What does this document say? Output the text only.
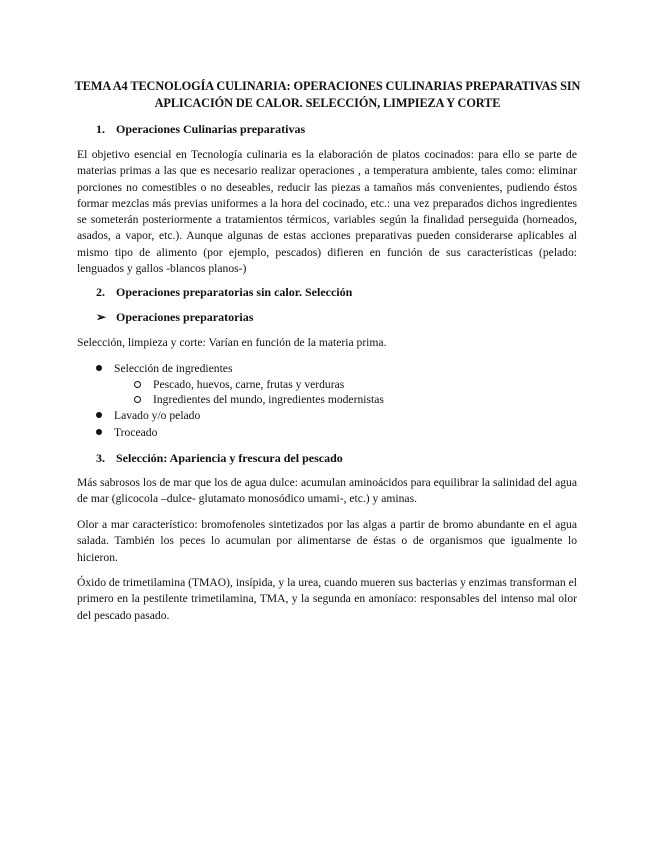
TEMA A4 TECNOLOGÍA CULINARIA: OPERACIONES CULINARIAS PREPARATIVAS SIN APLICACIÓN DE CALOR. SELECCIÓN, LIMPIEZA Y CORTE
1. Operaciones Culinarias preparativas
El objetivo esencial en Tecnología culinaria es la elaboración de platos cocinados: para ello se parte de materias primas a las que es necesario realizar operaciones , a temperatura ambiente, tales como: eliminar porciones no comestibles o no deseables, reducir las piezas a tamaños más convenientes, pudiendo éstos formar mezclas más previas uniformes a la hora del cocinado, etc.: una vez preparados dichos ingredientes se someterán posteriormente a tratamientos térmicos, variables según la finalidad perseguida (horneados, asados, a vapor, etc.). Aunque algunas de estas acciones preparativas pueden considerarse aplicables al mismo tipo de alimento (por ejemplo, pescados) difieren en función de sus características (pelado: lenguados y gallos -blancos planos-)
2. Operaciones preparatorias sin calor. Selección
➢ Operaciones preparatorias
Selección, limpieza y corte: Varían en función de la materia prima.
Selección de ingredientes
Pescado, huevos, carne, frutas y verduras
Ingredientes del mundo, ingredientes modernistas
Lavado y/o pelado
Troceado
3. Selección: Apariencia y frescura del pescado
Más sabrosos los de mar que los de agua dulce: acumulan aminoácidos para equilibrar la salinidad del agua de mar (glicocola –dulce- glutamato monosódico umami-, etc.) y aminas.
Olor a mar característico: bromofenoles sintetizados por las algas a partir de bromo abundante en el agua salada. También los peces lo acumulan por alimentarse de éstas o de organismos que igualmente lo hicieron.
Óxido de trimetilamina (TMAO), insípida, y la urea, cuando mueren sus bacterias y enzimas transforman el primero en la pestilente trimetilamina, TMA, y la segunda en amoníaco: responsables del intenso mal olor del pescado pasado.
